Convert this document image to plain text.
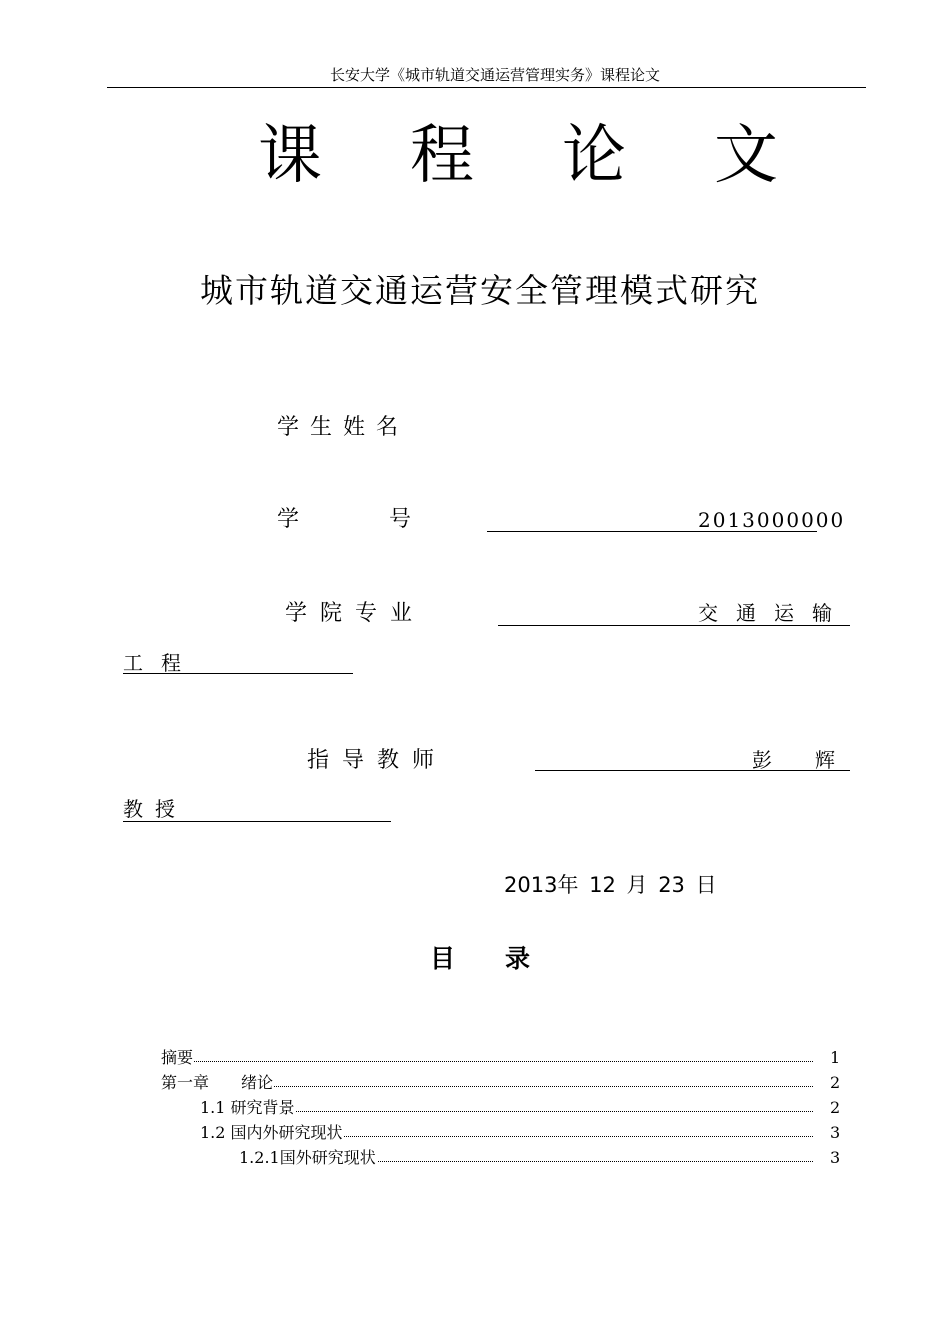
长安大学《城市轨道交通运营管理实务》课程论文
课程论文
城市轨道交通运营安全管理模式研究
学生姓名
学号	2013000000
学院专业	交通运输
工程
指导教师	彭 辉
教授
2013年 12 月 23 日
目录
摘要	1
第一章　　绪论	2
1.1 研究背景	2
1.2 国内外研究现状	3
1.2.1国外研究现状	3
